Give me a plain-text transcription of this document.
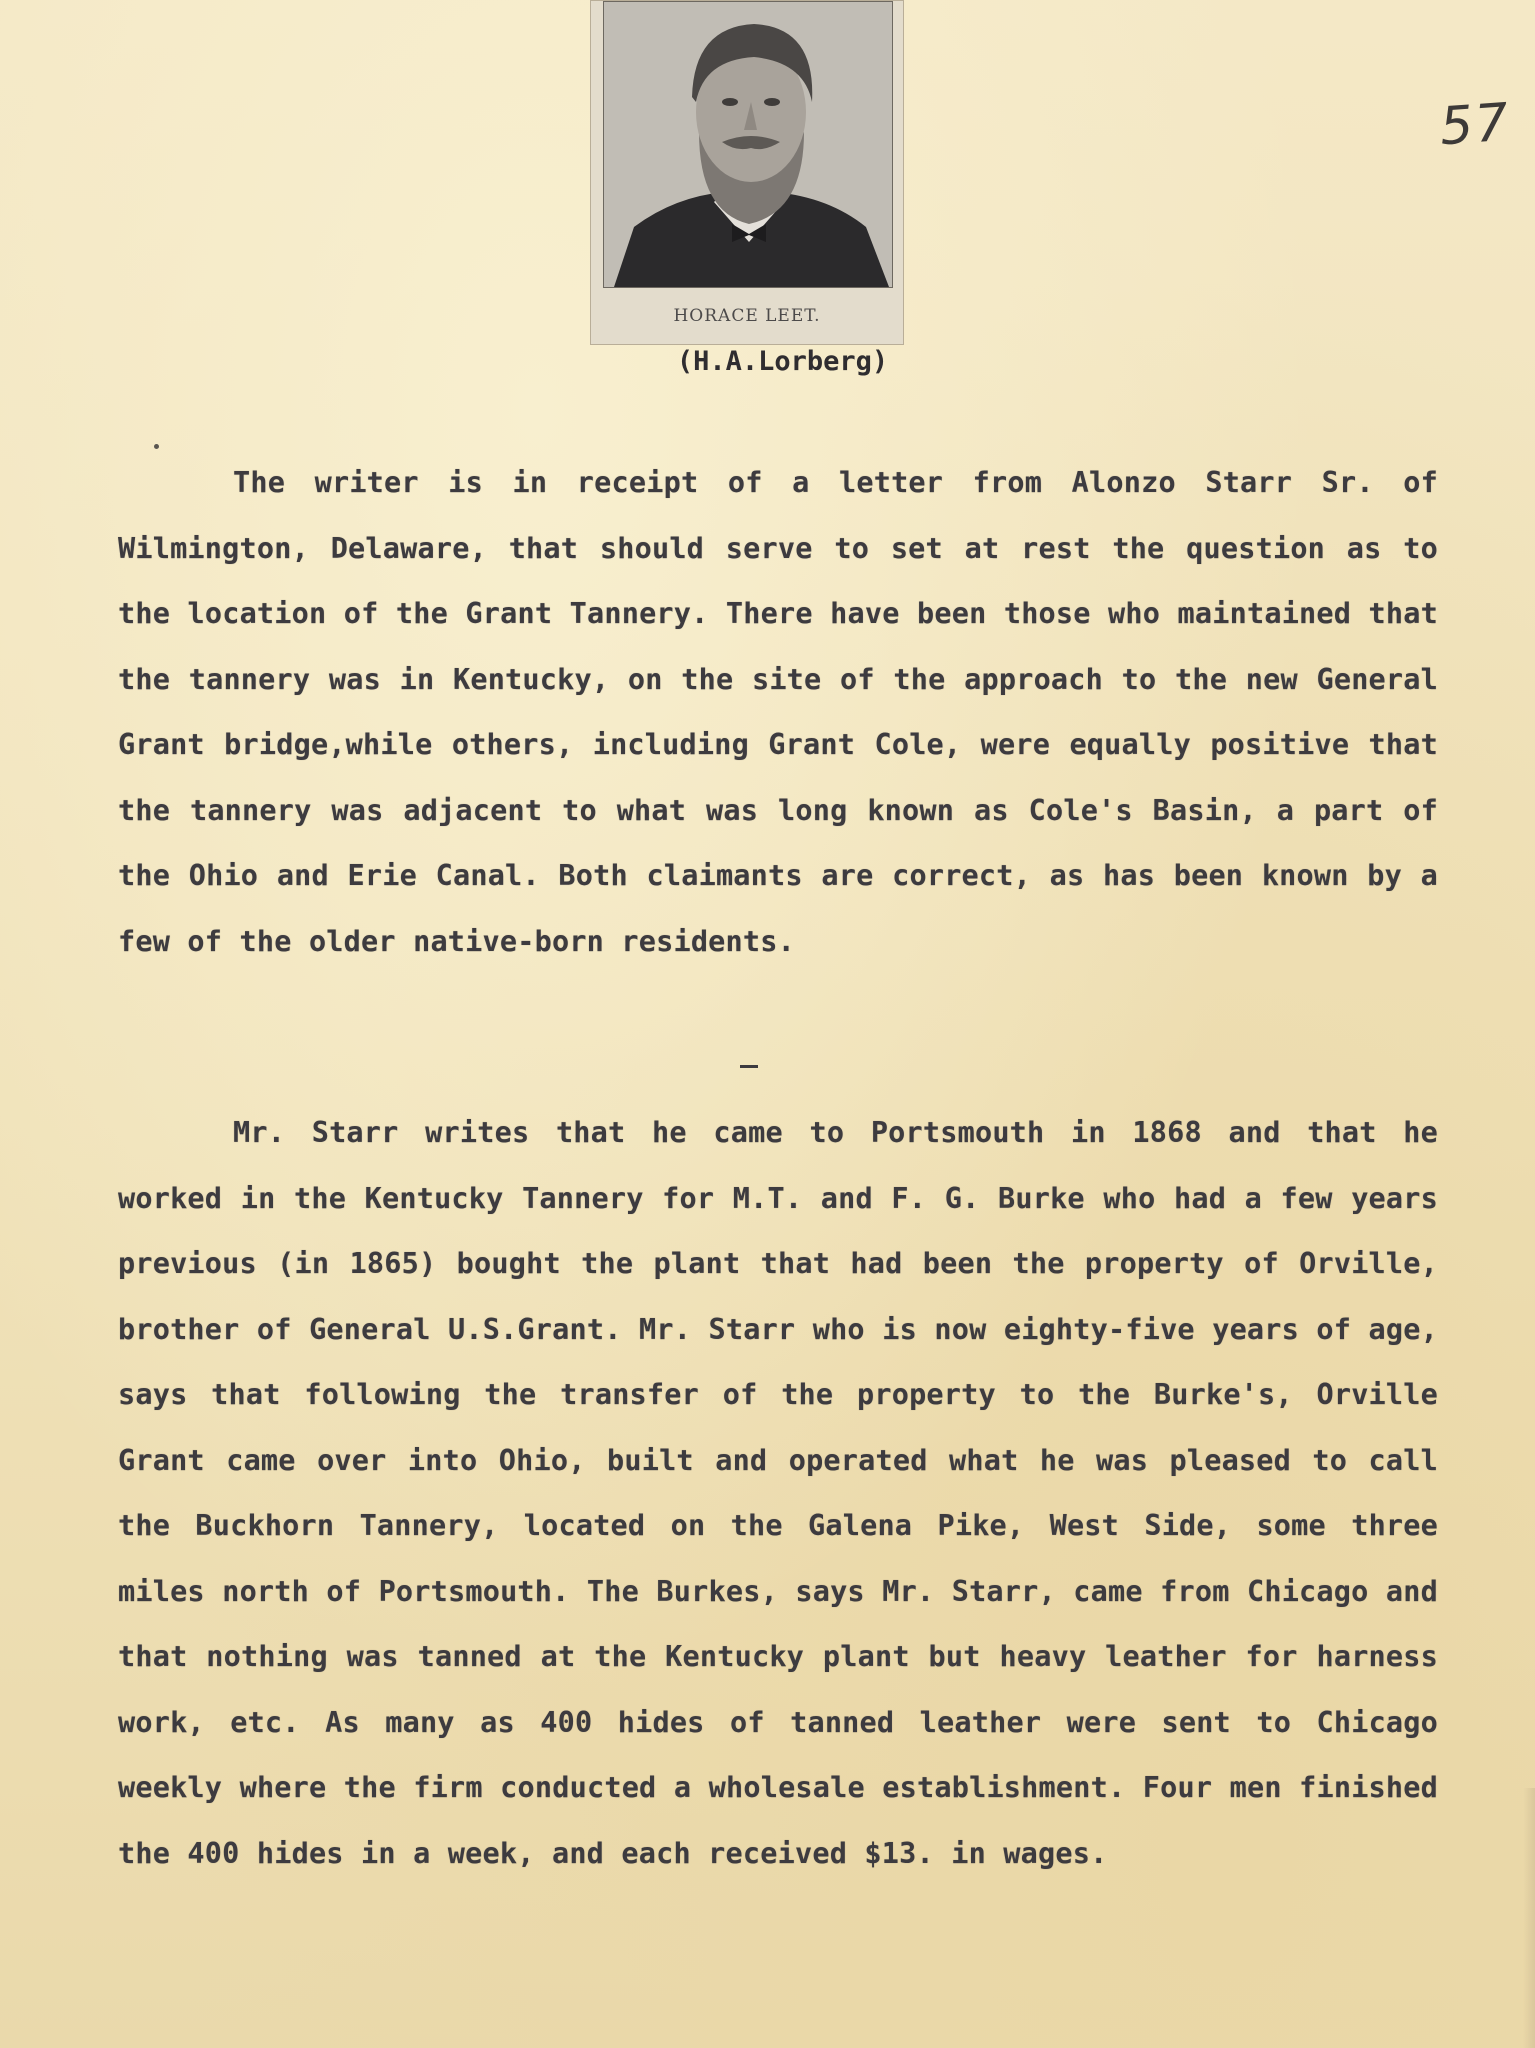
57
HORACE LEET.
(H.A.Lorberg)
The writer is in receipt of a letter from Alonzo Starr Sr. of Wilmington, Delaware, that should serve to set at rest the question as to the location of the Grant Tannery. There have been those who maintained that the tannery was in Kentucky, on the site of the approach to the new General Grant bridge,while others, including Grant Cole, were equally positive that the tannery was adjacent to what was long known as Cole's Basin, a part of the Ohio and Erie Canal. Both claimants are correct, as has been known by a few of the older native-born residents.
Mr. Starr writes that he came to Portsmouth in 1868 and that he worked in the Kentucky Tannery for M.T. and F. G. Burke who had a few years previous (in 1865) bought the plant that had been the property of Orville, brother of General U.S.Grant. Mr. Starr who is now eighty-five years of age, says that following the transfer of the property to the Burke's, Orville Grant came over into Ohio, built and operated what he was pleased to call the Buckhorn Tannery, located on the Galena Pike, West Side, some three miles north of Portsmouth. The Burkes, says Mr. Starr, came from Chicago and that nothing was tanned at the Kentucky plant but heavy leather for harness work, etc. As many as 400 hides of tanned leather were sent to Chicago weekly where the firm conducted a wholesale establishment. Four men finished the 400 hides in a week, and each received $13. in wages.
